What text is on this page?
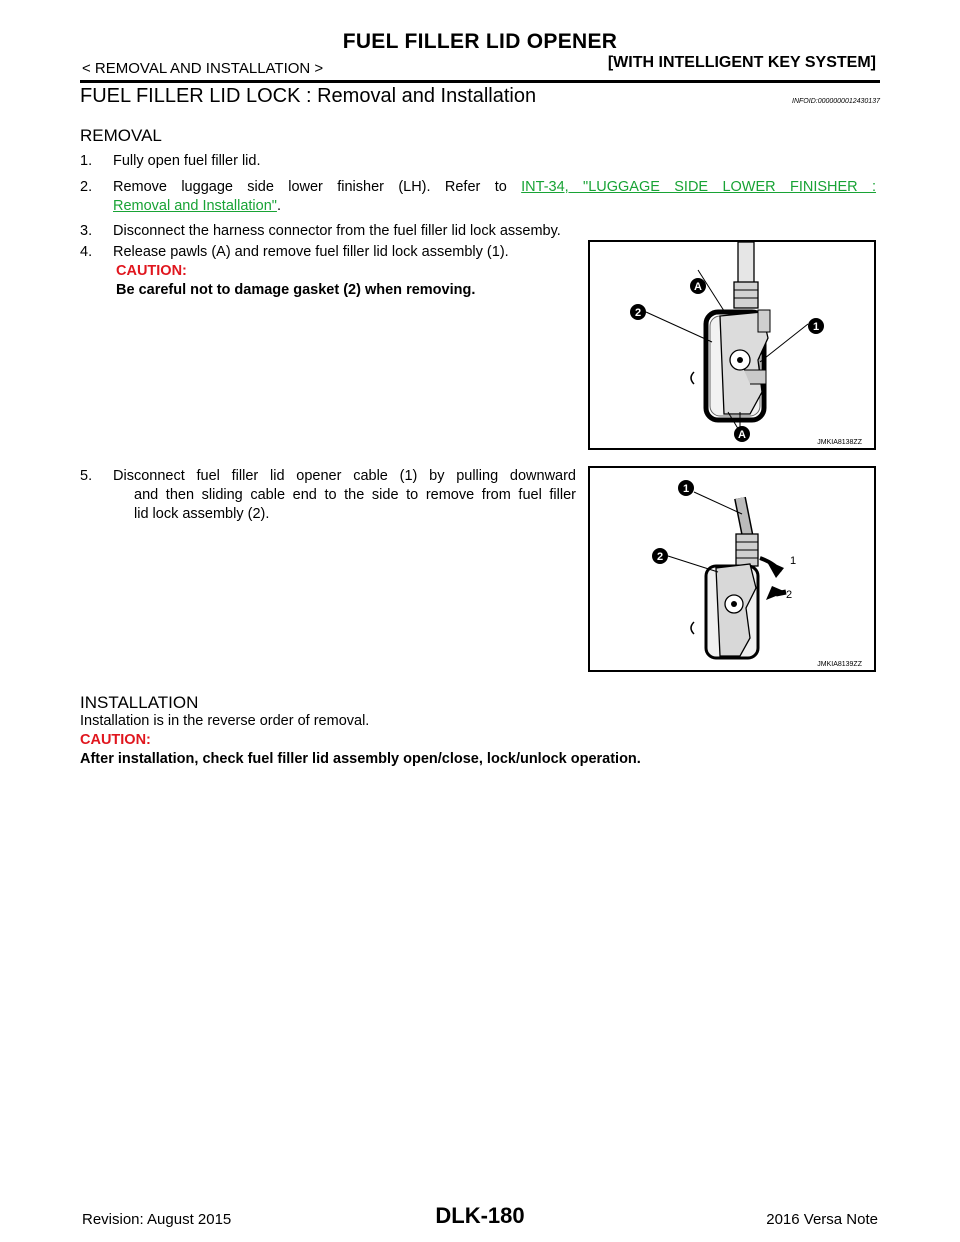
FUEL FILLER LID OPENER
< REMOVAL AND INSTALLATION >	[WITH INTELLIGENT KEY SYSTEM]
FUEL FILLER LID LOCK : Removal and Installation	INFOID:0000000012430137
REMOVAL
1. Fully open fuel filler lid.
2. Remove luggage side lower finisher (LH). Refer to INT-34, "LUGGAGE SIDE LOWER FINISHER :
Removal and Installation".
3. Disconnect the harness connector from the fuel filler lid lock assemby.
4. Release pawls (A) and remove fuel filler lid lock assembly (1).
CAUTION:
Be careful not to damage gasket (2) when removing.	A
2
1
A
JMKIA8138ZZ
5. Disconnect fuel filler lid opener cable (1) by pulling downward
and then sliding cable end to the side to remove from fuel filler
lid lock assembly (2).
1
2
1
2
JMKIA8139ZZ
INSTALLATION
Installation is in the reverse order of removal.
CAUTION:
After installation, check fuel filler lid assembly open/close, lock/unlock operation.
Revision: August 2015	DLK-180	2016 Versa Note
